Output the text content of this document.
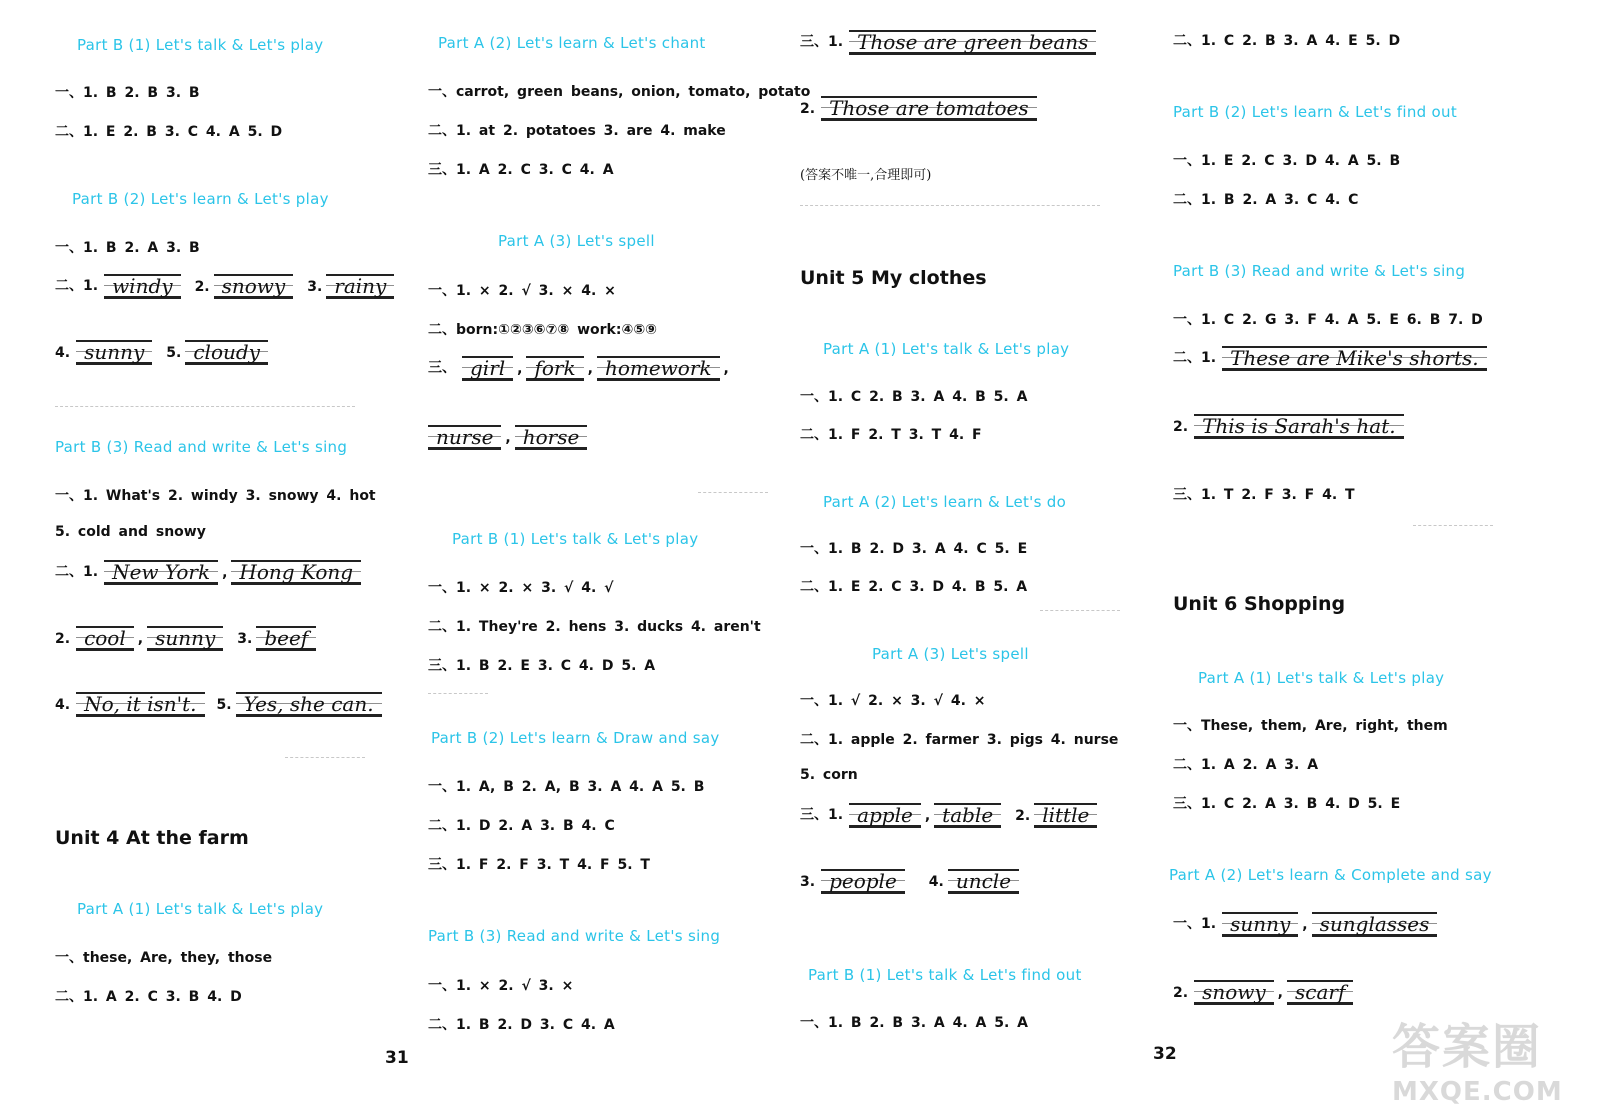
Part B (1) Let's talk & Let's play
一、1. B 2. B 3. B
二、1. E 2. B 3. C 4. A 5. D
Part B (2) Let's learn & Let's play
一、1. B 2. A 3. B
二、1. windy	2. snowy	3. rainy
4. sunny	5. cloudy
Part B (3) Read and write & Let's sing
一、1. What's 2. windy 3. snowy 4. hot
5. cold and snowy
二、1. New York , Hong Kong
2. cool , sunny	3. beef
4. No, it isn't.	5. Yes, she can.
Unit 4 At the farm
Part A (1) Let's talk & Let's play
一、these, Are, they, those
二、1. A 2. C 3. B 4. D
Part A (2) Let's learn & Let's chant
一、carrot, green beans, onion, tomato, potato
二、1. at 2. potatoes 3. are 4. make
三、1. A 2. C 3. C 4. A
Part A (3) Let's spell
一、1. × 2. √ 3. × 4. ×
二、born:①②③⑥⑦⑧ work:④⑤⑨
三、 girl , fork , homework ,
nurse , horse
Part B (1) Let's talk & Let's play
一、1. × 2. × 3. √ 4. √
二、1. They're 2. hens 3. ducks 4. aren't
三、1. B 2. E 3. C 4. D 5. A
Part B (2) Let's learn & Draw and say
一、1. A, B 2. A, B 3. A 4. A 5. B
二、1. D 2. A 3. B 4. C
三、1. F 2. F 3. T 4. F 5. T
Part B (3) Read and write & Let's sing
一、1. × 2. √ 3. ×
二、1. B 2. D 3. C 4. A
31
三、1. Those are green beans
2. Those are tomatoes
(答案不唯一,合理即可)
Unit 5 My clothes
Part A (1) Let's talk & Let's play
一、1. C 2. B 3. A 4. B 5. A
二、1. F 2. T 3. T 4. F
Part A (2) Let's learn & Let's do
一、1. B 2. D 3. A 4. C 5. E
二、1. E 2. C 3. D 4. B 5. A
Part A (3) Let's spell
一、1. √ 2. × 3. √ 4. ×
二、1. apple 2. farmer 3. pigs 4. nurse
5. corn
三、1. apple , table	2. little
3. people	4. uncle
Part B (1) Let's talk & Let's find out
一、1. B 2. B 3. A 4. A 5. A
二、1. C 2. B 3. A 4. E 5. D
Part B (2) Let's learn & Let's find out
一、1. E 2. C 3. D 4. A 5. B
二、1. B 2. A 3. C 4. C
Part B (3) Read and write & Let's sing
一、1. C 2. G 3. F 4. A 5. E 6. B 7. D
二、1. These are Mike's shorts.
2. This is Sarah's hat.
三、1. T 2. F 3. F 4. T
Unit 6 Shopping
Part A (1) Let's talk & Let's play
一、These, them, Are, right, them
二、1. A 2. A 3. A
三、1. C 2. A 3. B 4. D 5. E
Part A (2) Let's learn & Complete and say
一、1. sunny , sunglasses
2. snowy , scarf
32	答案圈
MXQE.COM
